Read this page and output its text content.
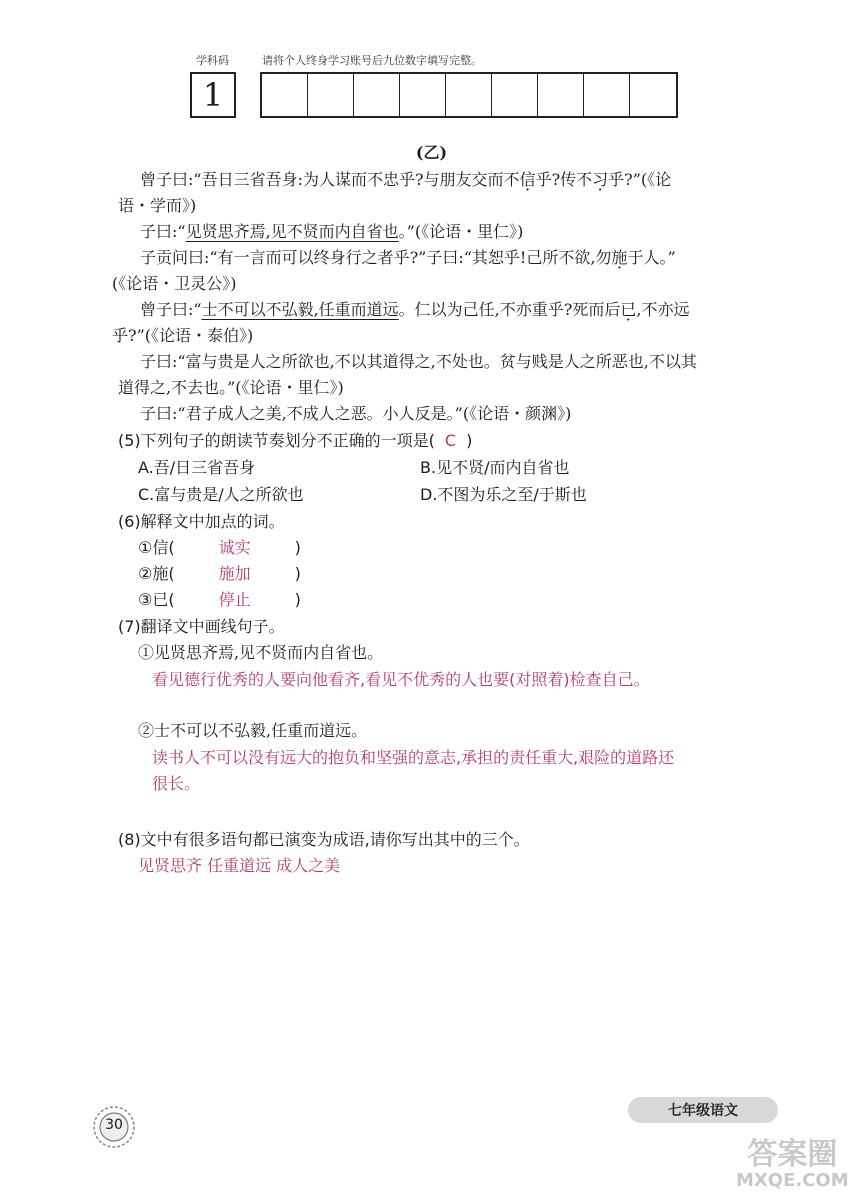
学科码	请将个人终身学习账号后九位数字填写完整。
1
(乙)
曾子曰:“吾日三省吾身:为人谋而不忠乎?与朋友交而不信乎?传不习乎?”(《论
语・学而》)
子曰:“见贤思齐焉,见不贤而内自省也。”(《论语・里仁》)
子贡问曰:“有一言而可以终身行之者乎?”子曰:“其恕乎!己所不欲,勿施于人。”
(《论语・卫灵公》)
曾子曰:“士不可以不弘毅,任重而道远。仁以为己任,不亦重乎?死而后已,不亦远
乎?”(《论语・泰伯》)
子曰:“富与贵是人之所欲也,不以其道得之,不处也。贫与贱是人之所恶也,不以其
道得之,不去也。”(《论语・里仁》)
子曰:“君子成人之美,不成人之恶。小人反是。”(《论语・颜渊》)
(5)下列句子的朗读节奏划分不正确的一项是( C )
A.吾/日三省吾身	B.见不贤/而内自省也
C.富与贵是/人之所欲也	D.不图为乐之至/于斯也
(6)解释文中加点的词。
①信(	诚实	)
②施(	施加	)
③已(	停止	)
(7)翻译文中画线句子。
①见贤思齐焉,见不贤而内自省也。
看见德行优秀的人要向他看齐,看见不优秀的人也要(对照着)检查自己。
②士不可以不弘毅,任重而道远。
读书人不可以没有远大的抱负和坚强的意志,承担的责任重大,艰险的道路还
很长。
(8)文中有很多语句都已演变为成语,请你写出其中的三个。
见贤思齐 任重道远 成人之美
30
七年级语文
答案圈
MXQE.COM
